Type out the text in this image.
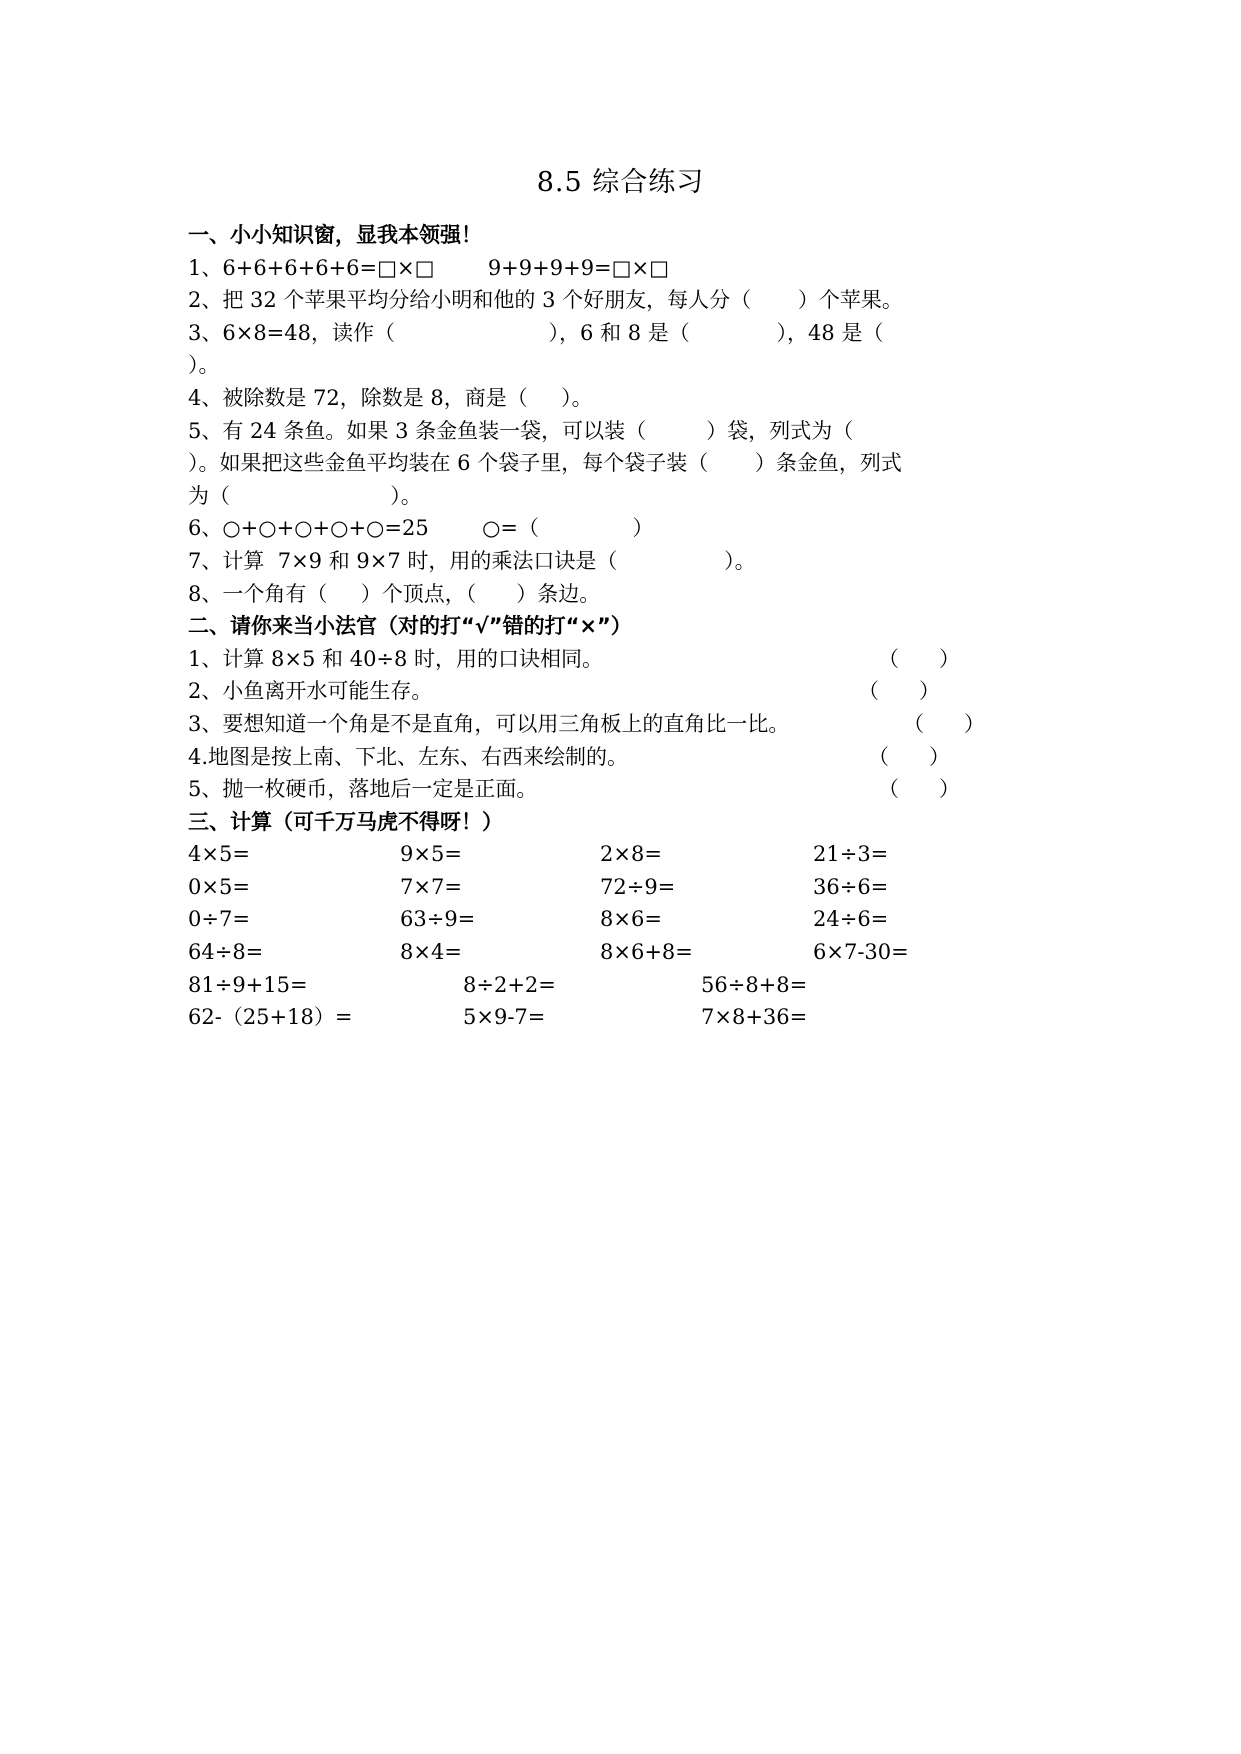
8.5 综合练习
一、小小知识窗，显我本领强！
1、6+6+6+6+6=□×□        9+9+9+9=□×□
2、把 32 个苹果平均分给小明和他的 3 个好朋友，每人分（       ）个苹果。
3、6×8=48，读作（                       ），6 和 8 是（             ），48 是（
）。
4、被除数是 72，除数是 8，商是（     ）。
5、有 24 条鱼。如果 3 条金鱼装一袋，可以装（         ）袋，列式为（
）。如果把这些金鱼平均装在 6 个袋子里，每个袋子装（       ）条金鱼，列式
为（                        ）。
6、○+○+○+○+○=25        ○=（              ）
7、计算  7×9 和 9×7 时，用的乘法口诀是（                ）。
8、一个角有（     ）个顶点，（      ）条边。
二、请你来当小法官（对的打“√”错的打“×”）

1、计算 8×5 和 40÷8 时，用的口诀相同。

	（      ）

2、小鱼离开水可能生存。

	（      ）

3、要想知道一个角是不是直角，可以用三角板上的直角比一比。

	（      ）

4.地图是按上南、下北、左东、右西来绘制的。

	（      ）

5、抛一枚硬币，落地后一定是正面。

	（      ）

三、计算（可千万马虎不得呀！）
4×5=	9×5=	2×8=	21÷3=
0×5=	7×7=	72÷9=	36÷6=
0÷7=	63÷9=	8×6=	24÷6=
64÷8=	8×4=	8×6+8=	6×7-30=
81÷9+15=	8÷2+2=	56÷8+8=
62-（25+18）=	5×9-7=	7×8+36=
